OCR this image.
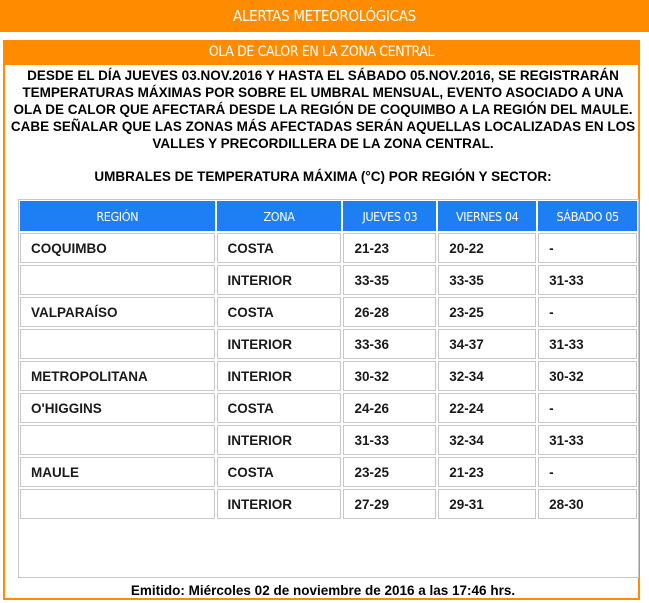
ALERTAS METEOROLÓGICAS
OLA DE CALOR EN LA ZONA CENTRAL
DESDE EL DÍA JUEVES 03.NOV.2016 Y HASTA EL SÁBADO 05.NOV.2016, SE REGISTRARÁN TEMPERATURAS MÁXIMAS POR SOBRE EL UMBRAL MENSUAL, EVENTO ASOCIADO A UNA OLA DE CALOR QUE AFECTARÁ DESDE LA REGIÓN DE COQUIMBO A LA REGIÓN DEL MAULE. CABE SEÑALAR QUE LAS ZONAS MÁS AFECTADAS SERÁN AQUELLAS LOCALIZADAS EN LOS VALLES Y PRECORDILLERA DE LA ZONA CENTRAL.
UMBRALES DE TEMPERATURA MÁXIMA (°C) POR REGIÓN Y SECTOR:
REGIÓN	ZONA	JUEVES 03	VIERNES 04	SÁBADO 05
COQUIMBO	COSTA	21-23	20-22	-
	INTERIOR	33-35	33-35	31-33
VALPARAÍSO	COSTA	26-28	23-25	-
	INTERIOR	33-36	34-37	31-33
METROPOLITANA	INTERIOR	30-32	32-34	30-32
O'HIGGINS	COSTA	24-26	22-24	-
	INTERIOR	31-33	32-34	31-33
MAULE	COSTA	23-25	21-23	-
	INTERIOR	27-29	29-31	28-30
Emitido: Miércoles 02 de noviembre de 2016 a las 17:46 hrs.
